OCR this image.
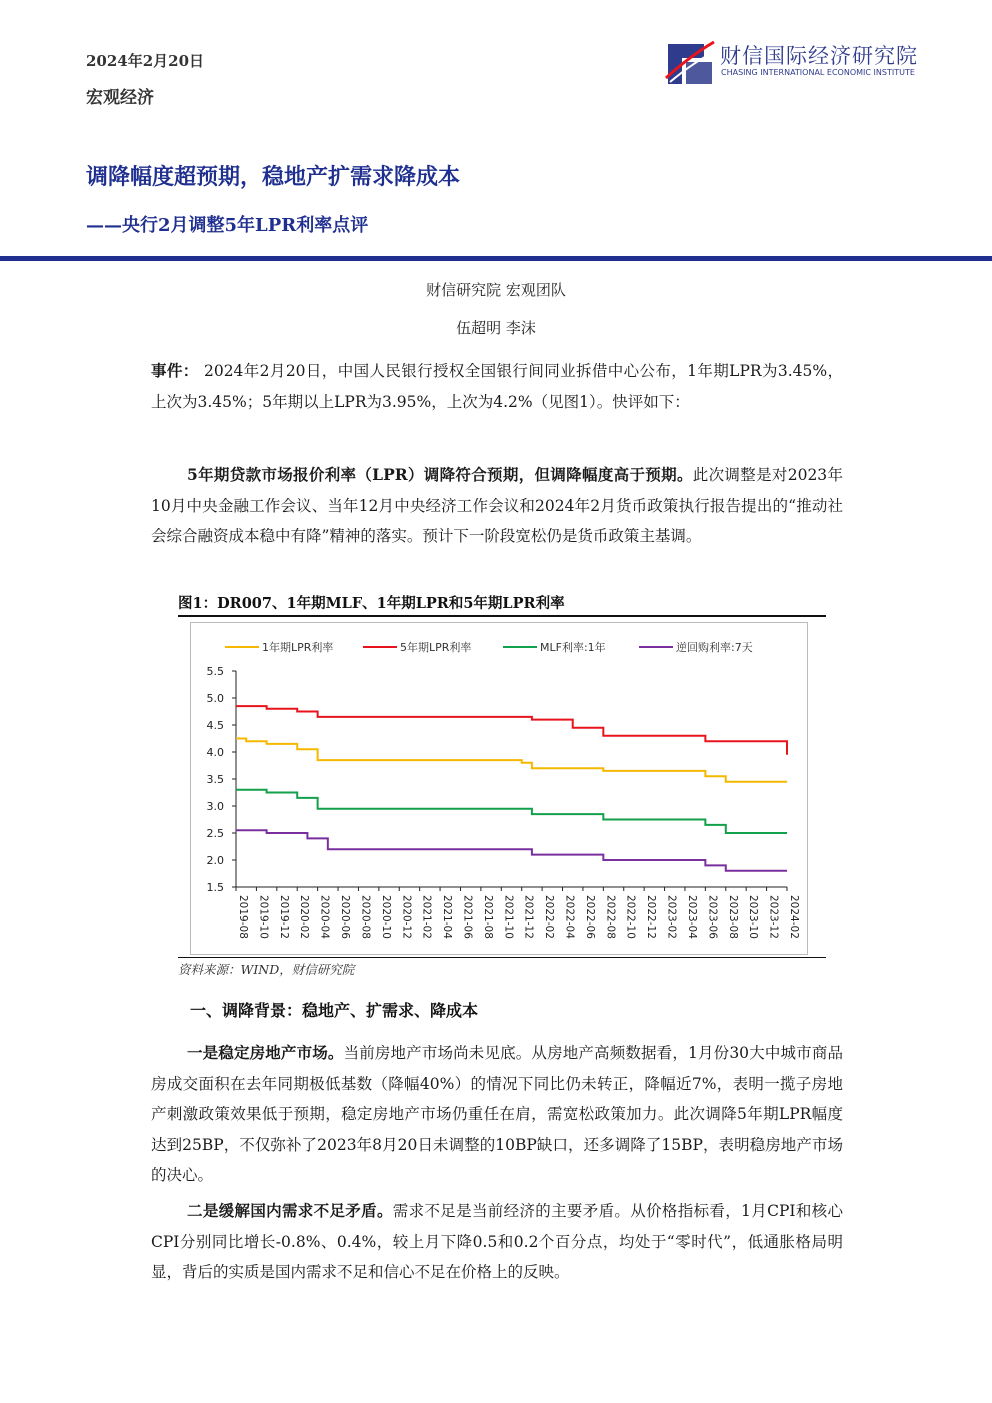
2024年2月20日
宏观经济
财信国际经济研究院
CHASING INTERNATIONAL ECONOMIC INSTITUTE
调降幅度超预期，稳地产扩需求降成本
——央行2月调整5年LPR利率点评
财信研究院 宏观团队
伍超明 李沫
事件： 2024年2月20日，中国人民银行授权全国银行间同业拆借中心公布，1年期LPR为3.45%，上次为3.45%；5年期以上LPR为3.95%，上次为4.2%（见图1）。快评如下：
5年期贷款市场报价利率（LPR）调降符合预期，但调降幅度高于预期。此次调整是对2023年10月中央金融工作会议、当年12月中央经济工作会议和2024年2月货币政策执行报告提出的“推动社会综合融资成本稳中有降”精神的落实。预计下一阶段宽松仍是货币政策主基调。
图1：DR007、1年期MLF、1年期LPR和5年期LPR利率
5.5
5.0
4.5
4.0
3.5
3.0
2.5
2.0
1.5
2019-08 2019-10 2019-12 2020-02 2020-04 2020-06 2020-08 2020-10 2020-12 2021-02 2021-04 2021-06 2021-08 2021-10 2021-12 2022-02 2022-04 2022-06 2022-08 2022-10 2022-12 2023-02 2023-04 2023-06 2023-08 2023-10 2023-12 2024-02
1年期LPR利率	5年期LPR利率	MLF利率:1年	逆回购利率:7天
资料来源：WIND，财信研究院
一、调降背景：稳地产、扩需求、降成本
一是稳定房地产市场。当前房地产市场尚未见底。从房地产高频数据看，1月份30大中城市商品房成交面积在去年同期极低基数（降幅40%）的情况下同比仍未转正，降幅近7%，表明一揽子房地产刺激政策效果低于预期，稳定房地产市场仍重任在肩，需宽松政策加力。此次调降5年期LPR幅度达到25BP，不仅弥补了2023年8月20日未调整的10BP缺口，还多调降了15BP，表明稳房地产市场的决心。
二是缓解国内需求不足矛盾。需求不足是当前经济的主要矛盾。从价格指标看，1月CPI和核心CPI分别同比增长-0.8%、0.4%，较上月下降0.5和0.2个百分点，均处于“零时代”，低通胀格局明显，背后的实质是国内需求不足和信心不足在价格上的反映。
